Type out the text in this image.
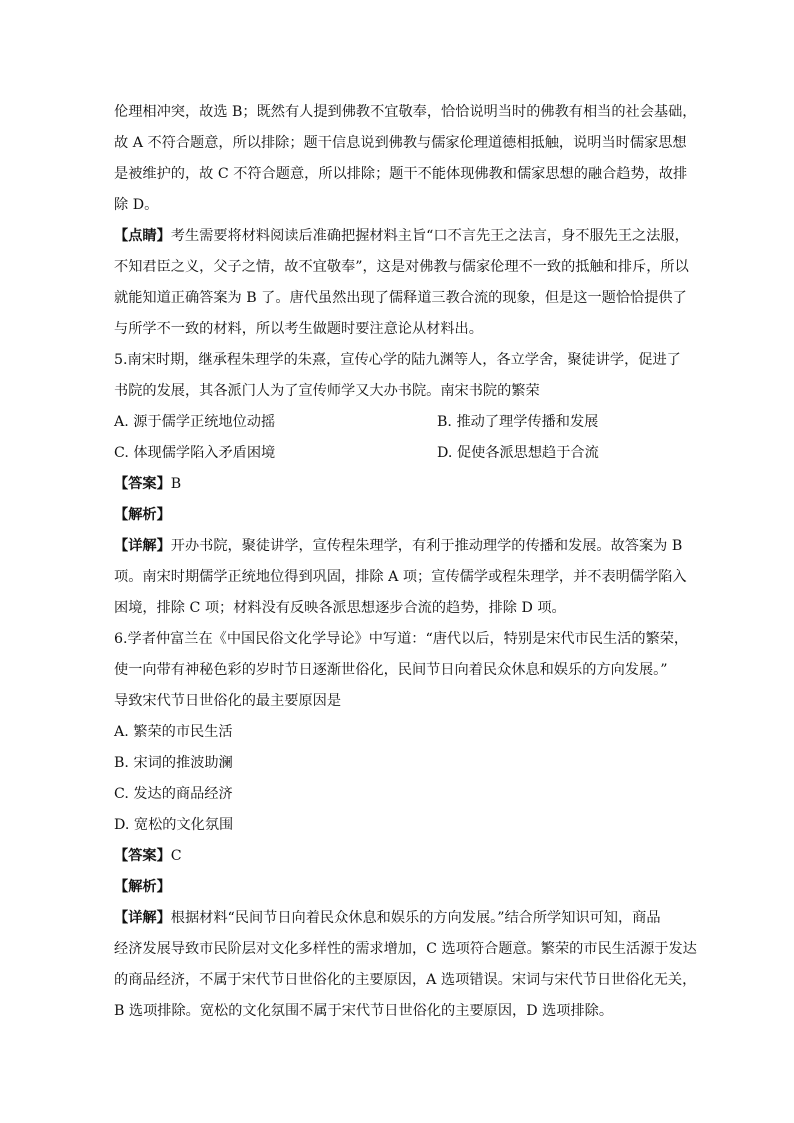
伦理相冲突，故选 B；既然有人提到佛教不宜敬奉，恰恰说明当时的佛教有相当的社会基础，
故 A 不符合题意，所以排除；题干信息说到佛教与儒家伦理道德相抵触，说明当时儒家思想
是被维护的，故 C 不符合题意，所以排除；题干不能体现佛教和儒家思想的融合趋势，故排
除 D。
【点睛】考生需要将材料阅读后准确把握材料主旨“口不言先王之法言，身不服先王之法服，
不知君臣之义，父子之情，故不宜敬奉”，这是对佛教与儒家伦理不一致的抵触和排斥，所以
就能知道正确答案为 B 了。唐代虽然出现了儒释道三教合流的现象，但是这一题恰恰提供了
与所学不一致的材料，所以考生做题时要注意论从材料出。
5.南宋时期，继承程朱理学的朱熹，宣传心学的陆九渊等人，各立学舍，聚徒讲学，促进了
书院的发展，其各派门人为了宣传师学又大办书院。南宋书院的繁荣
A. 源于儒学正统地位动摇	B. 推动了理学传播和发展
C. 体现儒学陷入矛盾困境	D. 促使各派思想趋于合流
【答案】B
【解析】
【详解】开办书院，聚徒讲学，宣传程朱理学，有利于推动理学的传播和发展。故答案为 B
项。南宋时期儒学正统地位得到巩固，排除 A 项；宣传儒学或程朱理学，并不表明儒学陷入
困境，排除 C 项；材料没有反映各派思想逐步合流的趋势，排除 D 项。
6.学者仲富兰在《中国民俗文化学导论》中写道：“唐代以后，特别是宋代市民生活的繁荣，
使一向带有神秘色彩的岁时节日逐渐世俗化，民间节日向着民众休息和娱乐的方向发展。”
导致宋代节日世俗化的最主要原因是
A. 繁荣的市民生活
B. 宋词的推波助澜
C. 发达的商品经济
D. 宽松的文化氛围
【答案】C
【解析】
【详解】根据材料“民间节日向着民众休息和娱乐的方向发展。”结合所学知识可知，商品
经济发展导致市民阶层对文化多样性的需求增加，C 选项符合题意。繁荣的市民生活源于发达
的商品经济，不属于宋代节日世俗化的主要原因，A 选项错误。宋词与宋代节日世俗化无关，
B 选项排除。宽松的文化氛围不属于宋代节日世俗化的主要原因，D 选项排除。
